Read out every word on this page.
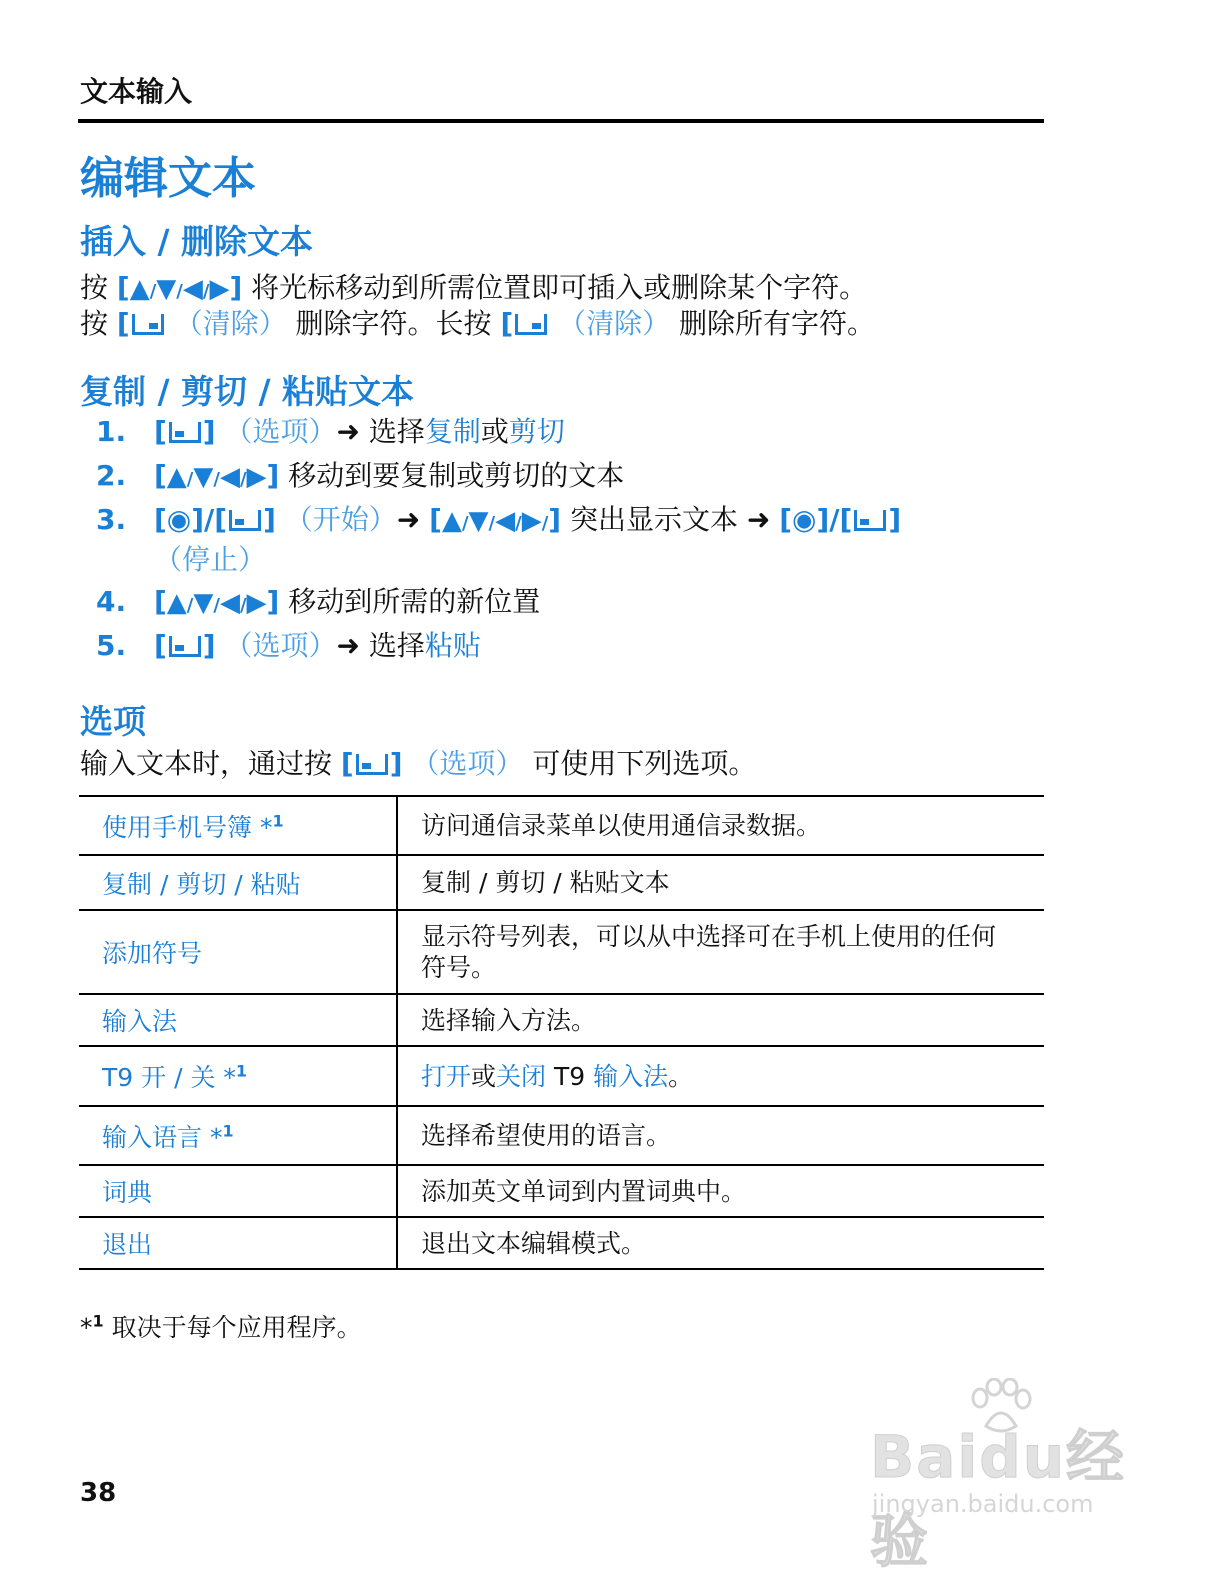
文本输入
编辑文本
插入 / 删除文本
按 [▲/▼/◀/▶] 将光标移动到所需位置即可插入或删除某个字符。
按 [ （清除） 删除字符。长按 [ （清除） 删除所有字符。
复制 / 剪切 / 粘贴文本
1. [ ] （选项）➜ 选择复制或剪切
2. [▲/▼/◀/▶] 移动到要复制或剪切的文本
3. [◉]/[ ] （开始）➜ [▲/▼/◀/▶/] 突出显示文本 ➜ [◉]/[ ]
（停止）
4. [▲/▼/◀/▶] 移动到所需的新位置
5. [ ] （选项）➜ 选择粘贴
选项
输入文本时，通过按 [ ] （选项） 可使用下列选项。
使用手机号簿 *$^1$	访问通信录菜单以使用通信录数据。
复制 / 剪切 / 粘贴	复制 / 剪切 / 粘贴文本
添加符号	显示符号列表，可以从中选择可在手机上使用的任何符号。
输入法	选择输入方法。
T9 开 / 关 *$^1$	打开或关闭 T9 输入法。
输入语言 *$^1$	选择希望使用的语言。
词典	添加英文单词到内置词典中。
退出	退出文本编辑模式。
*$^1$ 取决于每个应用程序。
38
Baidu经验
jingyan.baidu.com
